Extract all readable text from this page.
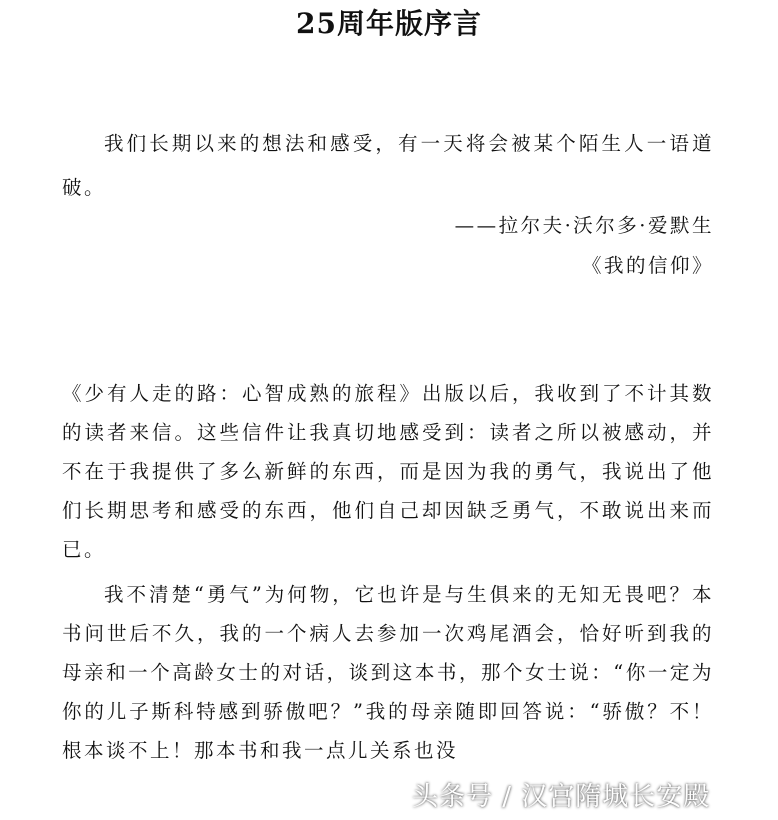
25周年版序言
我们长期以来的想法和感受，有一天将会被某个陌生人一语道破。
——拉尔夫·沃尔多·爱默生
《我的信仰》

《少有人走的路：心智成熟的旅程》出版以后，我收到了不计其数的读者来信。这些信件让我真切地感受到：读者之所以被感动，并不在于我提供了多么新鲜的东西，而是因为我的勇气，我说出了他们长期思考和感受的东西，他们自己却因缺乏勇气，不敢说出来而已。

我不清楚“勇气”为何物，它也许是与生俱来的无知无畏吧？本书问世后不久，我的一个病人去参加一次鸡尾酒会，恰好听到我的母亲和一个高龄女士的对话，谈到这本书，那个女士说：“你一定为你的儿子斯科特感到骄傲吧？”我的母亲随即回答说：“骄傲？不！根本谈不上！那本书和我一点儿关系也没

头条号 / 汉宫隋城长安殿
